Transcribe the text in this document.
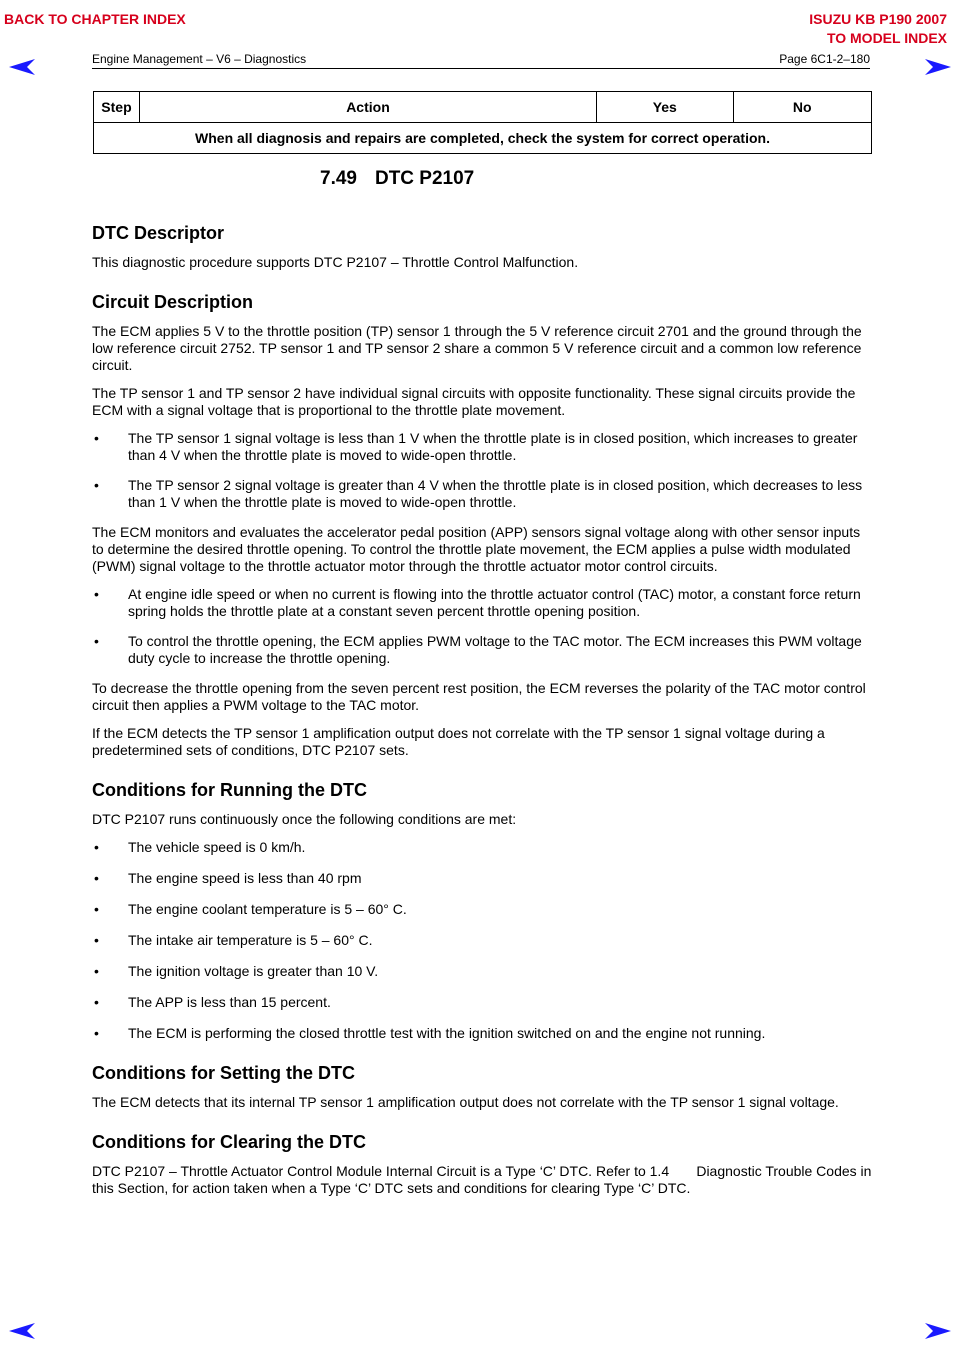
BACK TO CHAPTER INDEX	ISUZU KB P190 2007
TO MODEL INDEX
Engine Management – V6 – Diagnostics	Page 6C1-2–180
Step	Action	Yes	No
When all diagnosis and repairs are completed, check the system for correct operation.
7.49 DTC P2107
DTC Descriptor

This diagnostic procedure supports DTC P2107 – Throttle Control Malfunction.

Circuit Description

The ECM applies 5 V to the throttle position (TP) sensor 1 through the 5 V reference circuit 2701 and the ground through the low reference circuit 2752. TP sensor 1 and TP sensor 2 share a common 5 V reference circuit and a common low reference circuit.

The TP sensor 1 and TP sensor 2 have individual signal circuits with opposite functionality. These signal circuits provide the ECM with a signal voltage that is proportional to the throttle plate movement.

• The TP sensor 1 signal voltage is less than 1 V when the throttle plate is in closed position, which increases to greater than 4 V when the throttle plate is moved to wide-open throttle.
• The TP sensor 2 signal voltage is greater than 4 V when the throttle plate is in closed position, which decreases to less than 1 V when the throttle plate is moved to wide-open throttle.

The ECM monitors and evaluates the accelerator pedal position (APP) sensors signal voltage along with other sensor inputs to determine the desired throttle opening. To control the throttle plate movement, the ECM applies a pulse width modulated (PWM) signal voltage to the throttle actuator motor through the throttle actuator motor control circuits.

• At engine idle speed or when no current is flowing into the throttle actuator control (TAC) motor, a constant force return spring holds the throttle plate at a constant seven percent throttle opening position.
• To control the throttle opening, the ECM applies PWM voltage to the TAC motor. The ECM increases this PWM voltage duty cycle to increase the throttle opening.

To decrease the throttle opening from the seven percent rest position, the ECM reverses the polarity of the TAC motor control circuit then applies a PWM voltage to the TAC motor.

If the ECM detects the TP sensor 1 amplification output does not correlate with the TP sensor 1 signal voltage during a predetermined sets of conditions, DTC P2107 sets.

Conditions for Running the DTC

DTC P2107 runs continuously once the following conditions are met:

• The vehicle speed is 0 km/h.
• The engine speed is less than 40 rpm
• The engine coolant temperature is 5 – 60° C.
• The intake air temperature is 5 – 60° C.
• The ignition voltage is greater than 10 V.
• The APP is less than 15 percent.
• The ECM is performing the closed throttle test with the ignition switched on and the engine not running.
Conditions for Setting the DTC

The ECM detects that its internal TP sensor 1 amplification output does not correlate with the TP sensor 1 signal voltage.

Conditions for Clearing the DTC

DTC P2107 – Throttle Actuator Control Module Internal Circuit is a Type ‘C’ DTC. Refer to 1.4       Diagnostic Trouble Codes in this Section, for action taken when a Type ‘C’ DTC sets and conditions for clearing Type ‘C’ DTC.
